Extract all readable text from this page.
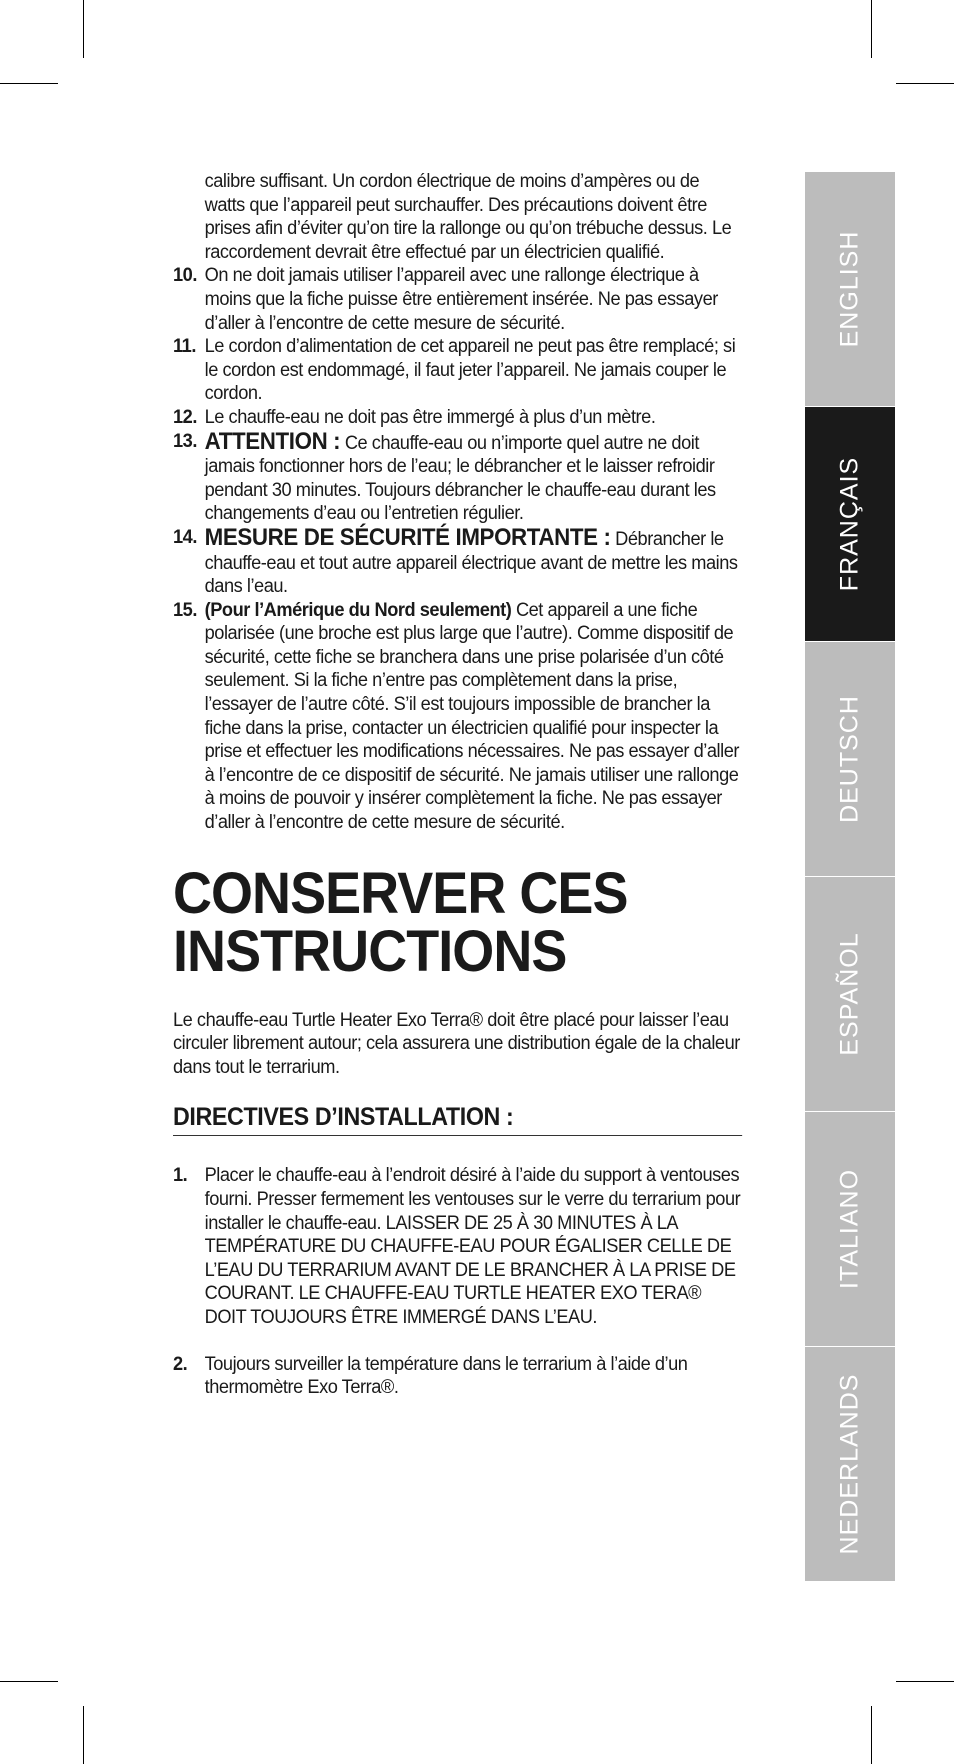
calibre suffisant. Un cordon électrique de moins d’ampères ou de watts que l’appareil peut surchauffer. Des précautions doivent être prises afin d’éviter qu’on tire la rallonge ou qu’on trébuche dessus. Le raccordement devrait être effectué par un électricien qualifié.

10. On ne doit jamais utiliser l’appareil avec une rallonge électrique à moins que la fiche puisse être entièrement insérée. Ne pas essayer d’aller à l’encontre de cette mesure de sécurité.

11. Le cordon d’alimentation de cet appareil ne peut pas être remplacé; si le cordon est endommagé, il faut jeter l’appareil. Ne jamais couper le cordon.

12. Le chauffe-eau ne doit pas être immergé à plus d’un mètre.

13. ATTENTION : Ce chauffe-eau ou n’importe quel autre ne doit jamais fonctionner hors de l’eau; le débrancher et le laisser refroidir pendant 30 minutes. Toujours débrancher le chauffe-eau durant les changements d’eau ou l’entretien régulier.

14. MESURE DE SÉCURITÉ IMPORTANTE : Débrancher le chauffe-eau et tout autre appareil électrique avant de mettre les mains dans l’eau.

15. (Pour l’Amérique du Nord seulement) Cet appareil a une fiche polarisée (une broche est plus large que l’autre). Comme dispositif de sécurité, cette fiche se branchera dans une prise polarisée d’un côté seulement. Si la fiche n’entre pas complètement dans la prise, l’essayer de l’autre côté. S’il est toujours impossible de brancher la fiche dans la prise, contacter un électricien qualifié pour inspecter la prise et effectuer les modifications nécessaires. Ne pas essayer d’aller à l’encontre de ce dispositif de sécurité. Ne jamais utiliser une rallonge à moins de pouvoir y insérer complètement la fiche. Ne pas essayer d’aller à l’encontre de cette mesure de sécurité.

CONSERVER CES
INSTRUCTIONS

Le chauffe-eau Turtle Heater Exo Terra® doit être placé pour laisser l’eau circuler librement autour; cela assurera une distribution égale de la chaleur dans tout le terrarium.

DIRECTIVES D’INSTALLATION :

1. Placer le chauffe-eau à l’endroit désiré à l’aide du support à ventouses fourni. Presser fermement les ventouses sur le verre du terrarium pour installer le chauffe-eau. LAISSER DE 25 À 30 MINUTES À LA TEMPÉRATURE DU CHAUFFE-EAU POUR ÉGALISER CELLE DE L’EAU DU TERRARIUM AVANT DE LE BRANCHER À LA PRISE DE COURANT. LE CHAUFFE-EAU TURTLE HEATER EXO TERA® DOIT TOUJOURS ÊTRE IMMERGÉ DANS L’EAU.

2. Toujours surveiller la température dans le terrarium à l’aide d’un thermomètre Exo Terra®.

ENGLISH
FRANÇAIS
DEUTSCH
ESPAÑOL
ITALIANO
NEDERLANDS
